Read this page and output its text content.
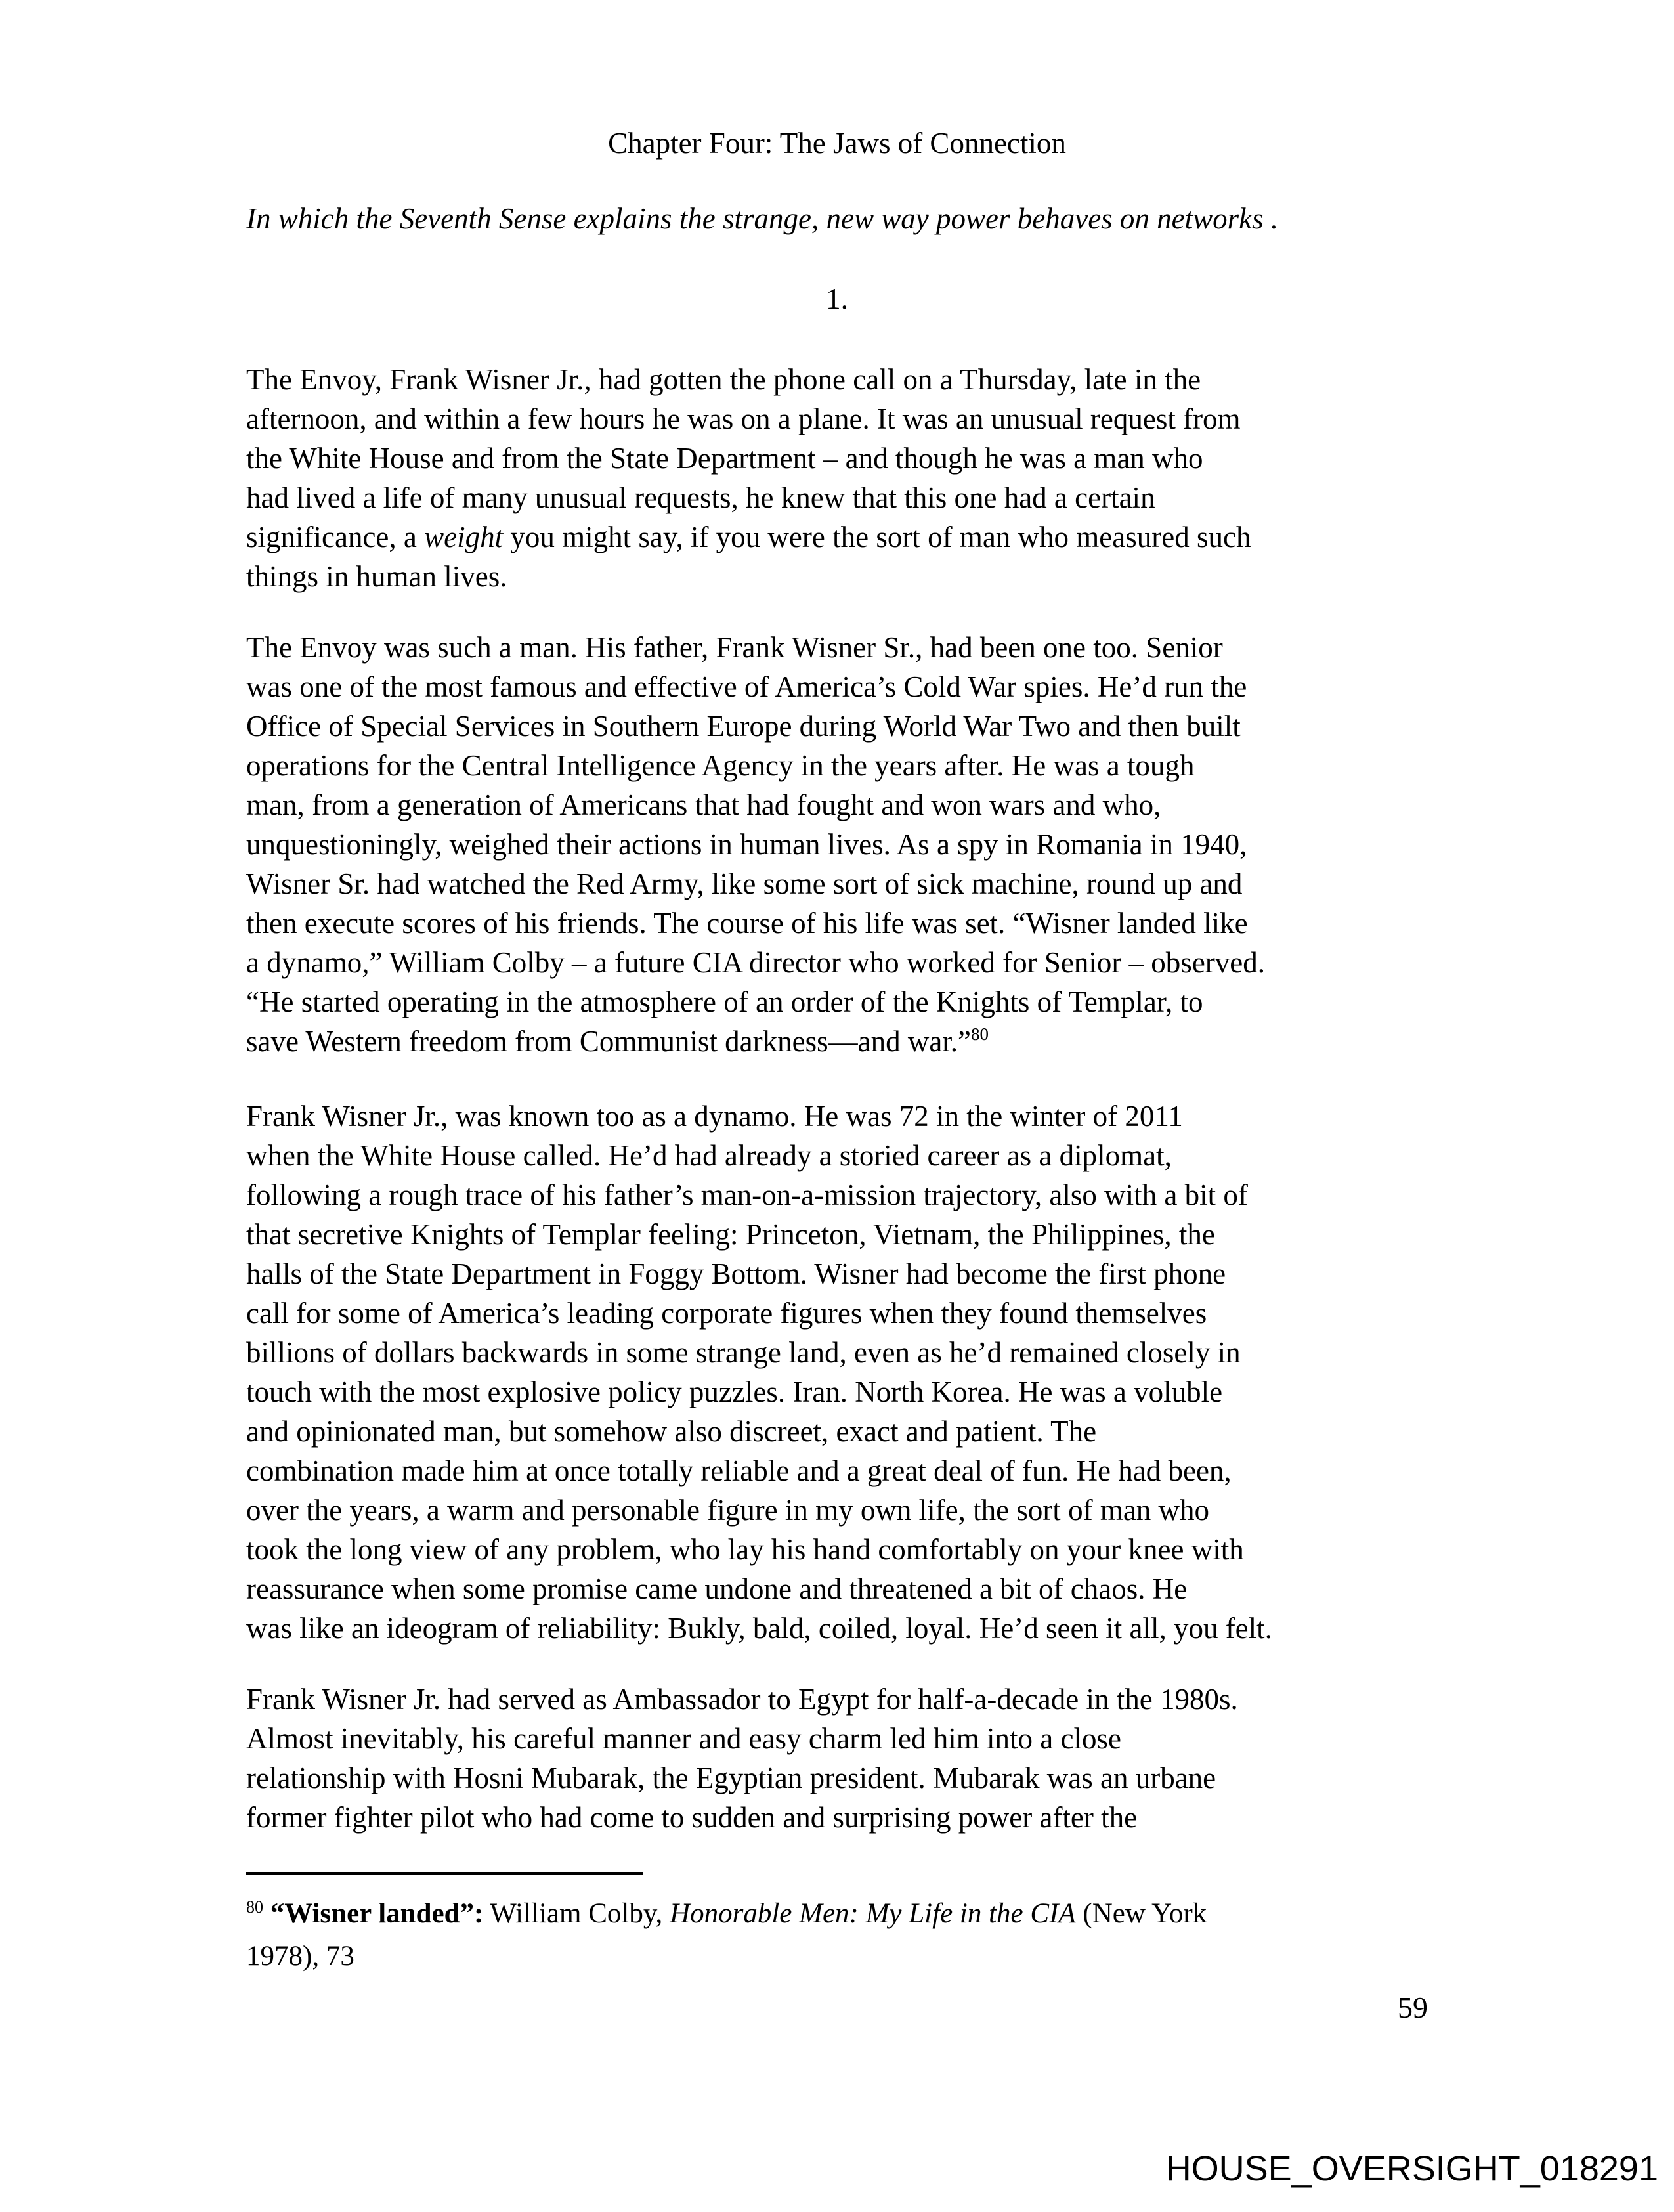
Chapter Four: The Jaws of Connection
In which the Seventh Sense explains the strange, new way power behaves on networks .
1.
The Envoy, Frank Wisner Jr., had gotten the phone call on a Thursday, late in the
afternoon, and within a few hours he was on a plane. It was an unusual request from
the White House and from the State Department – and though he was a man who
had lived a life of many unusual requests, he knew that this one had a certain
significance, a weight you might say, if you were the sort of man who measured such
things in human lives.
The Envoy was such a man. His father, Frank Wisner Sr., had been one too. Senior
was one of the most famous and effective of America’s Cold War spies. He’d run the
Office of Special Services in Southern Europe during World War Two and then built
operations for the Central Intelligence Agency in the years after. He was a tough
man, from a generation of Americans that had fought and won wars and who,
unquestioningly, weighed their actions in human lives. As a spy in Romania in 1940,
Wisner Sr. had watched the Red Army, like some sort of sick machine, round up and
then execute scores of his friends. The course of his life was set. “Wisner landed like
a dynamo,” William Colby – a future CIA director who worked for Senior – observed.
“He started operating in the atmosphere of an order of the Knights of Templar, to
save Western freedom from Communist darkness—and war.”$^{80}$
Frank Wisner Jr., was known too as a dynamo. He was 72 in the winter of 2011
when the White House called. He’d had already a storied career as a diplomat,
following a rough trace of his father’s man-on-a-mission trajectory, also with a bit of
that secretive Knights of Templar feeling: Princeton, Vietnam, the Philippines, the
halls of the State Department in Foggy Bottom. Wisner had become the first phone
call for some of America’s leading corporate figures when they found themselves
billions of dollars backwards in some strange land, even as he’d remained closely in
touch with the most explosive policy puzzles. Iran. North Korea. He was a voluble
and opinionated man, but somehow also discreet, exact and patient. The
combination made him at once totally reliable and a great deal of fun. He had been,
over the years, a warm and personable figure in my own life, the sort of man who
took the long view of any problem, who lay his hand comfortably on your knee with
reassurance when some promise came undone and threatened a bit of chaos. He
was like an ideogram of reliability: Bukly, bald, coiled, loyal. He’d seen it all, you felt.
Frank Wisner Jr. had served as Ambassador to Egypt for half-a-decade in the 1980s.
Almost inevitably, his careful manner and easy charm led him into a close
relationship with Hosni Mubarak, the Egyptian president. Mubarak was an urbane
former fighter pilot who had come to sudden and surprising power after the
$^{80}$ “Wisner landed”: William Colby, Honorable Men: My Life in the CIA (New York
1978), 73
59
HOUSE_OVERSIGHT_018291
